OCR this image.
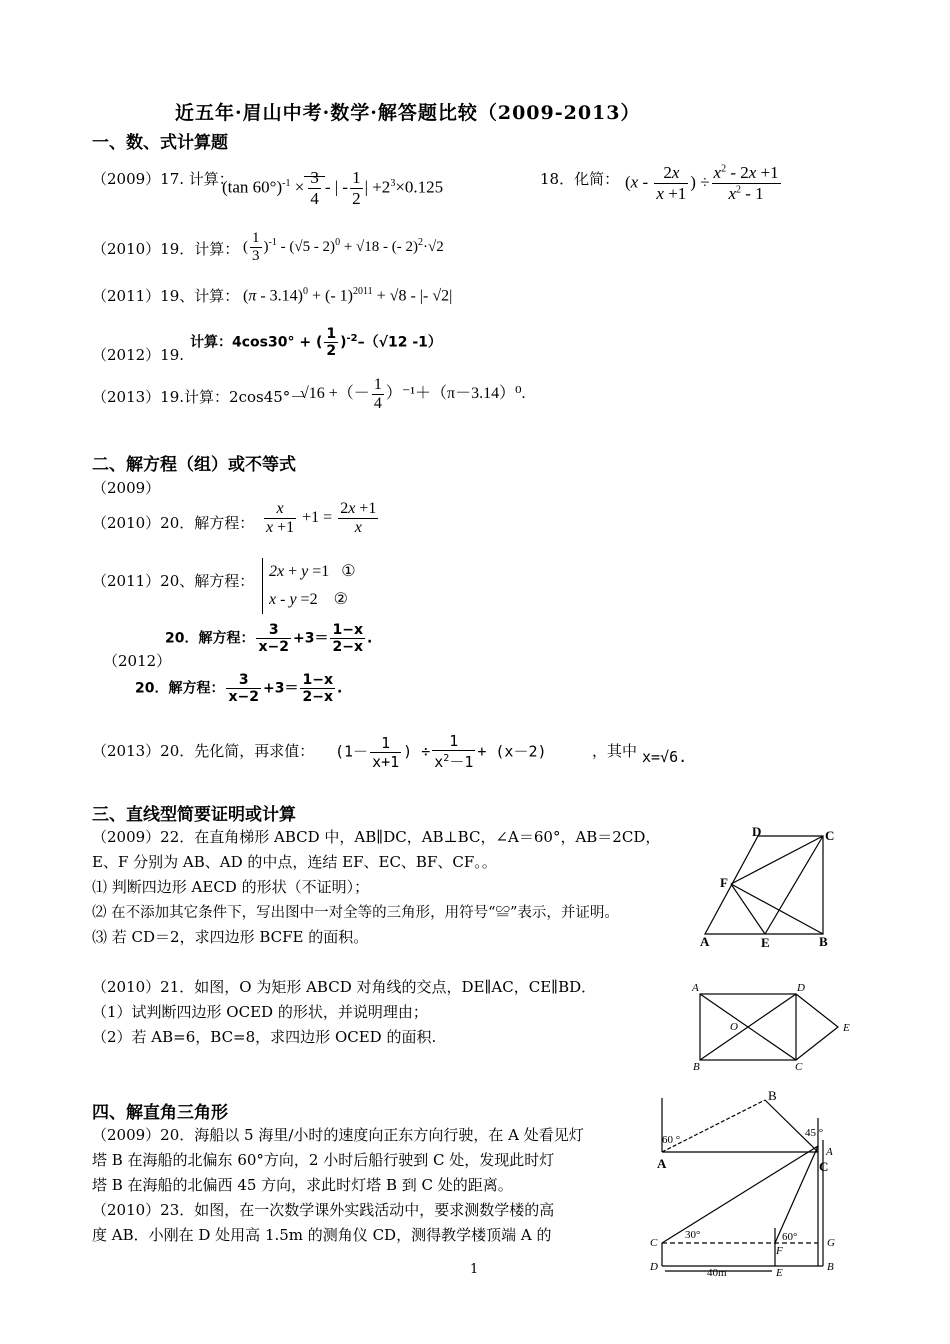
近五年·眉山中考·数学·解答题比较（2009-2013）
一、数、式计算题
（2009）17. 计算：
(tan $60^\circ)^{-1} \times \frac{3}{4}$ - | - $\frac{1}{2}$ | $+2^3\times 0.125$	18．化简： ($x - \frac{2x}{x +1}$ ) ÷ $\frac{x^2 - 2x +1}{x^2 - 1}$
（2010）19．计算： ( $\frac{1}{3} )^{-1} - (√5 - 2)^0 + √18$ - (- 2)$^2$·√2
（2011）19、计算： (π - 3.14)$^0$ + (- 1)$^{2011}$ + √8 - |- √2|
（2012）19.
计算：4cos30° + ( $\frac{1}{2} )^{-2}-(√12$ -1）
（2013）19.计算：2cos45°－
√16 +（－ $\frac{1}{4} )^{-1}+(\pi-3.14)^0$.
二、解方程（组）或不等式
（2009）
（2010）20．解方程： $\frac{x}{x +1} +1 = \frac{2x +1}{x}$
（2011）20、解方程：
2x + y =1   ①
x - y =2    ②
（2012）
20．解方程： $\frac{3}{x-2} +3= \frac{1-x}{2-x}$ .
20．解方程： $\frac{3}{x-2} +3= \frac{1-x}{2-x}$ .
（2013）20．先化简，再求值： ($1- \frac{1}{x+1}$ ) ÷ $\frac{1}{x^2-1} + (x-2)$	，其中 x=√6.
三、直线型简要证明或计算
（2009）22．在直角梯形 ABCD 中，AB∥DC，AB⊥BC，∠A＝60°，AB＝2CD，
E、F 分别为 AB、AD 的中点，连结 EF、EC、BF、CF。。
⑴ 判断四边形 AECD 的形状（不证明）；
⑵ 在不添加其它条件下，写出图中一对全等的三角形，用符号“≌”表示，并证明。
⑶ 若 CD＝2，求四边形 BCFE 的面积。
（2010）21．如图，O 为矩形 ABCD 对角线的交点，DE∥AC，CE∥BD．
（1）试判断四边形 OCED 的形状，并说明理由；
（2）若 AB=6，BC=8，求四边形 OCED 的面积.
D	C
F
A	E	B
A	D
O	E
B	C
四、解直角三角形
（2009）20．海船以 5 海里/小时的速度向正东方向行驶，在 A 处看见灯
塔 B 在海船的北偏东 60°方向，2 小时后船行驶到 C 处，发现此时灯
塔 B 在海船的北偏西 45 方向，求此时灯塔 B 到 C 处的距离。
（2010）23．如图，在一次数学课外实践活动中，要求测数学楼的高
度 AB．小刚在 D 处用高 1.5m 的测角仪 CD，测得教学楼顶端 A 的
B
60 °
45 °
A
A	C
C
30°	60°	G
F
D	40m	E	B
1
